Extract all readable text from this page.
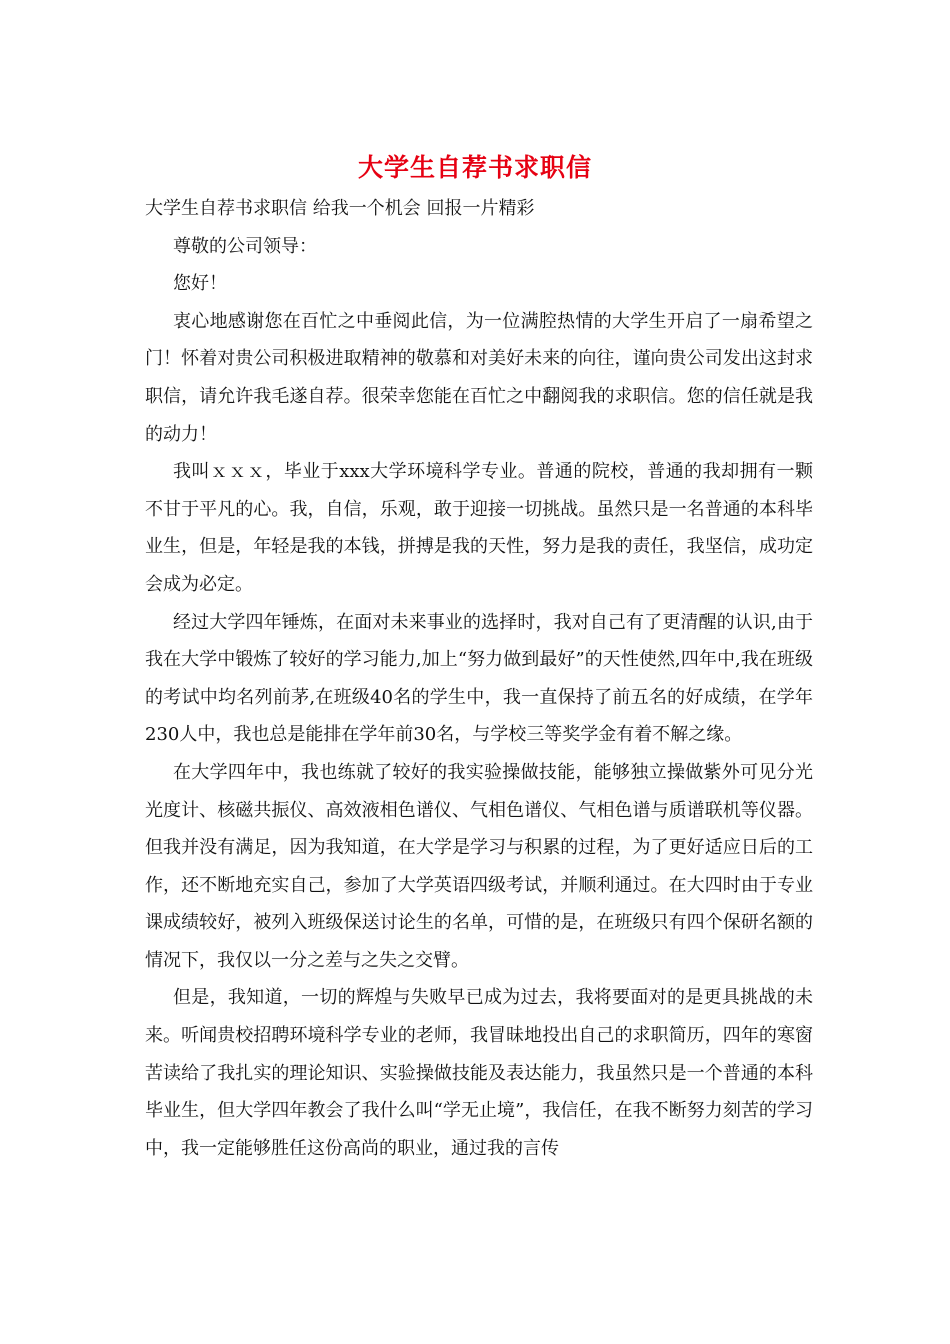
大学生自荐书求职信

大学生自荐书求职信 给我一个机会 回报一片精彩

尊敬的公司领导：

您好！

衷心地感谢您在百忙之中垂阅此信，为一位满腔热情的大学生开启了一扇希望之门！怀着对贵公司积极进取精神的敬慕和对美好未来的向往，谨向贵公司发出这封求职信，请允许我毛遂自荐。很荣幸您能在百忙之中翻阅我的求职信。您的信任就是我的动力！

我叫ｘｘｘ，毕业于xxx大学环境科学专业。普通的院校，普通的我却拥有一颗不甘于平凡的心。我，自信，乐观，敢于迎接一切挑战。虽然只是一名普通的本科毕业生，但是，年轻是我的本钱，拼搏是我的天性，努力是我的责任，我坚信，成功定会成为必定。

经过大学四年锤炼，在面对未来事业的选择时，我对自己有了更清醒的认识,由于我在大学中锻炼了较好的学习能力,加上“努力做到最好”的天性使然,四年中,我在班级的考试中均名列前茅,在班级40名的学生中，我一直保持了前五名的好成绩，在学年230人中，我也总是能排在学年前30名，与学校三等奖学金有着不解之缘。

在大学四年中，我也练就了较好的我实验操做技能，能够独立操做紫外可见分光光度计、核磁共振仪、高效液相色谱仪、气相色谱仪、气相色谱与质谱联机等仪器。但我并没有满足，因为我知道，在大学是学习与积累的过程，为了更好适应日后的工作，还不断地充实自己，参加了大学英语四级考试，并顺利通过。在大四时由于专业课成绩较好，被列入班级保送讨论生的名单，可惜的是，在班级只有四个保研名额的情况下，我仅以一分之差与之失之交臂。

但是，我知道，一切的辉煌与失败早已成为过去，我将要面对的是更具挑战的未来。听闻贵校招聘环境科学专业的老师，我冒昧地投出自己的求职简历，四年的寒窗苦读给了我扎实的理论知识、实验操做技能及表达能力，我虽然只是一个普通的本科毕业生，但大学四年教会了我什么叫“学无止境”，我信任，在我不断努力刻苦的学习中，我一定能够胜任这份高尚的职业，通过我的言传
